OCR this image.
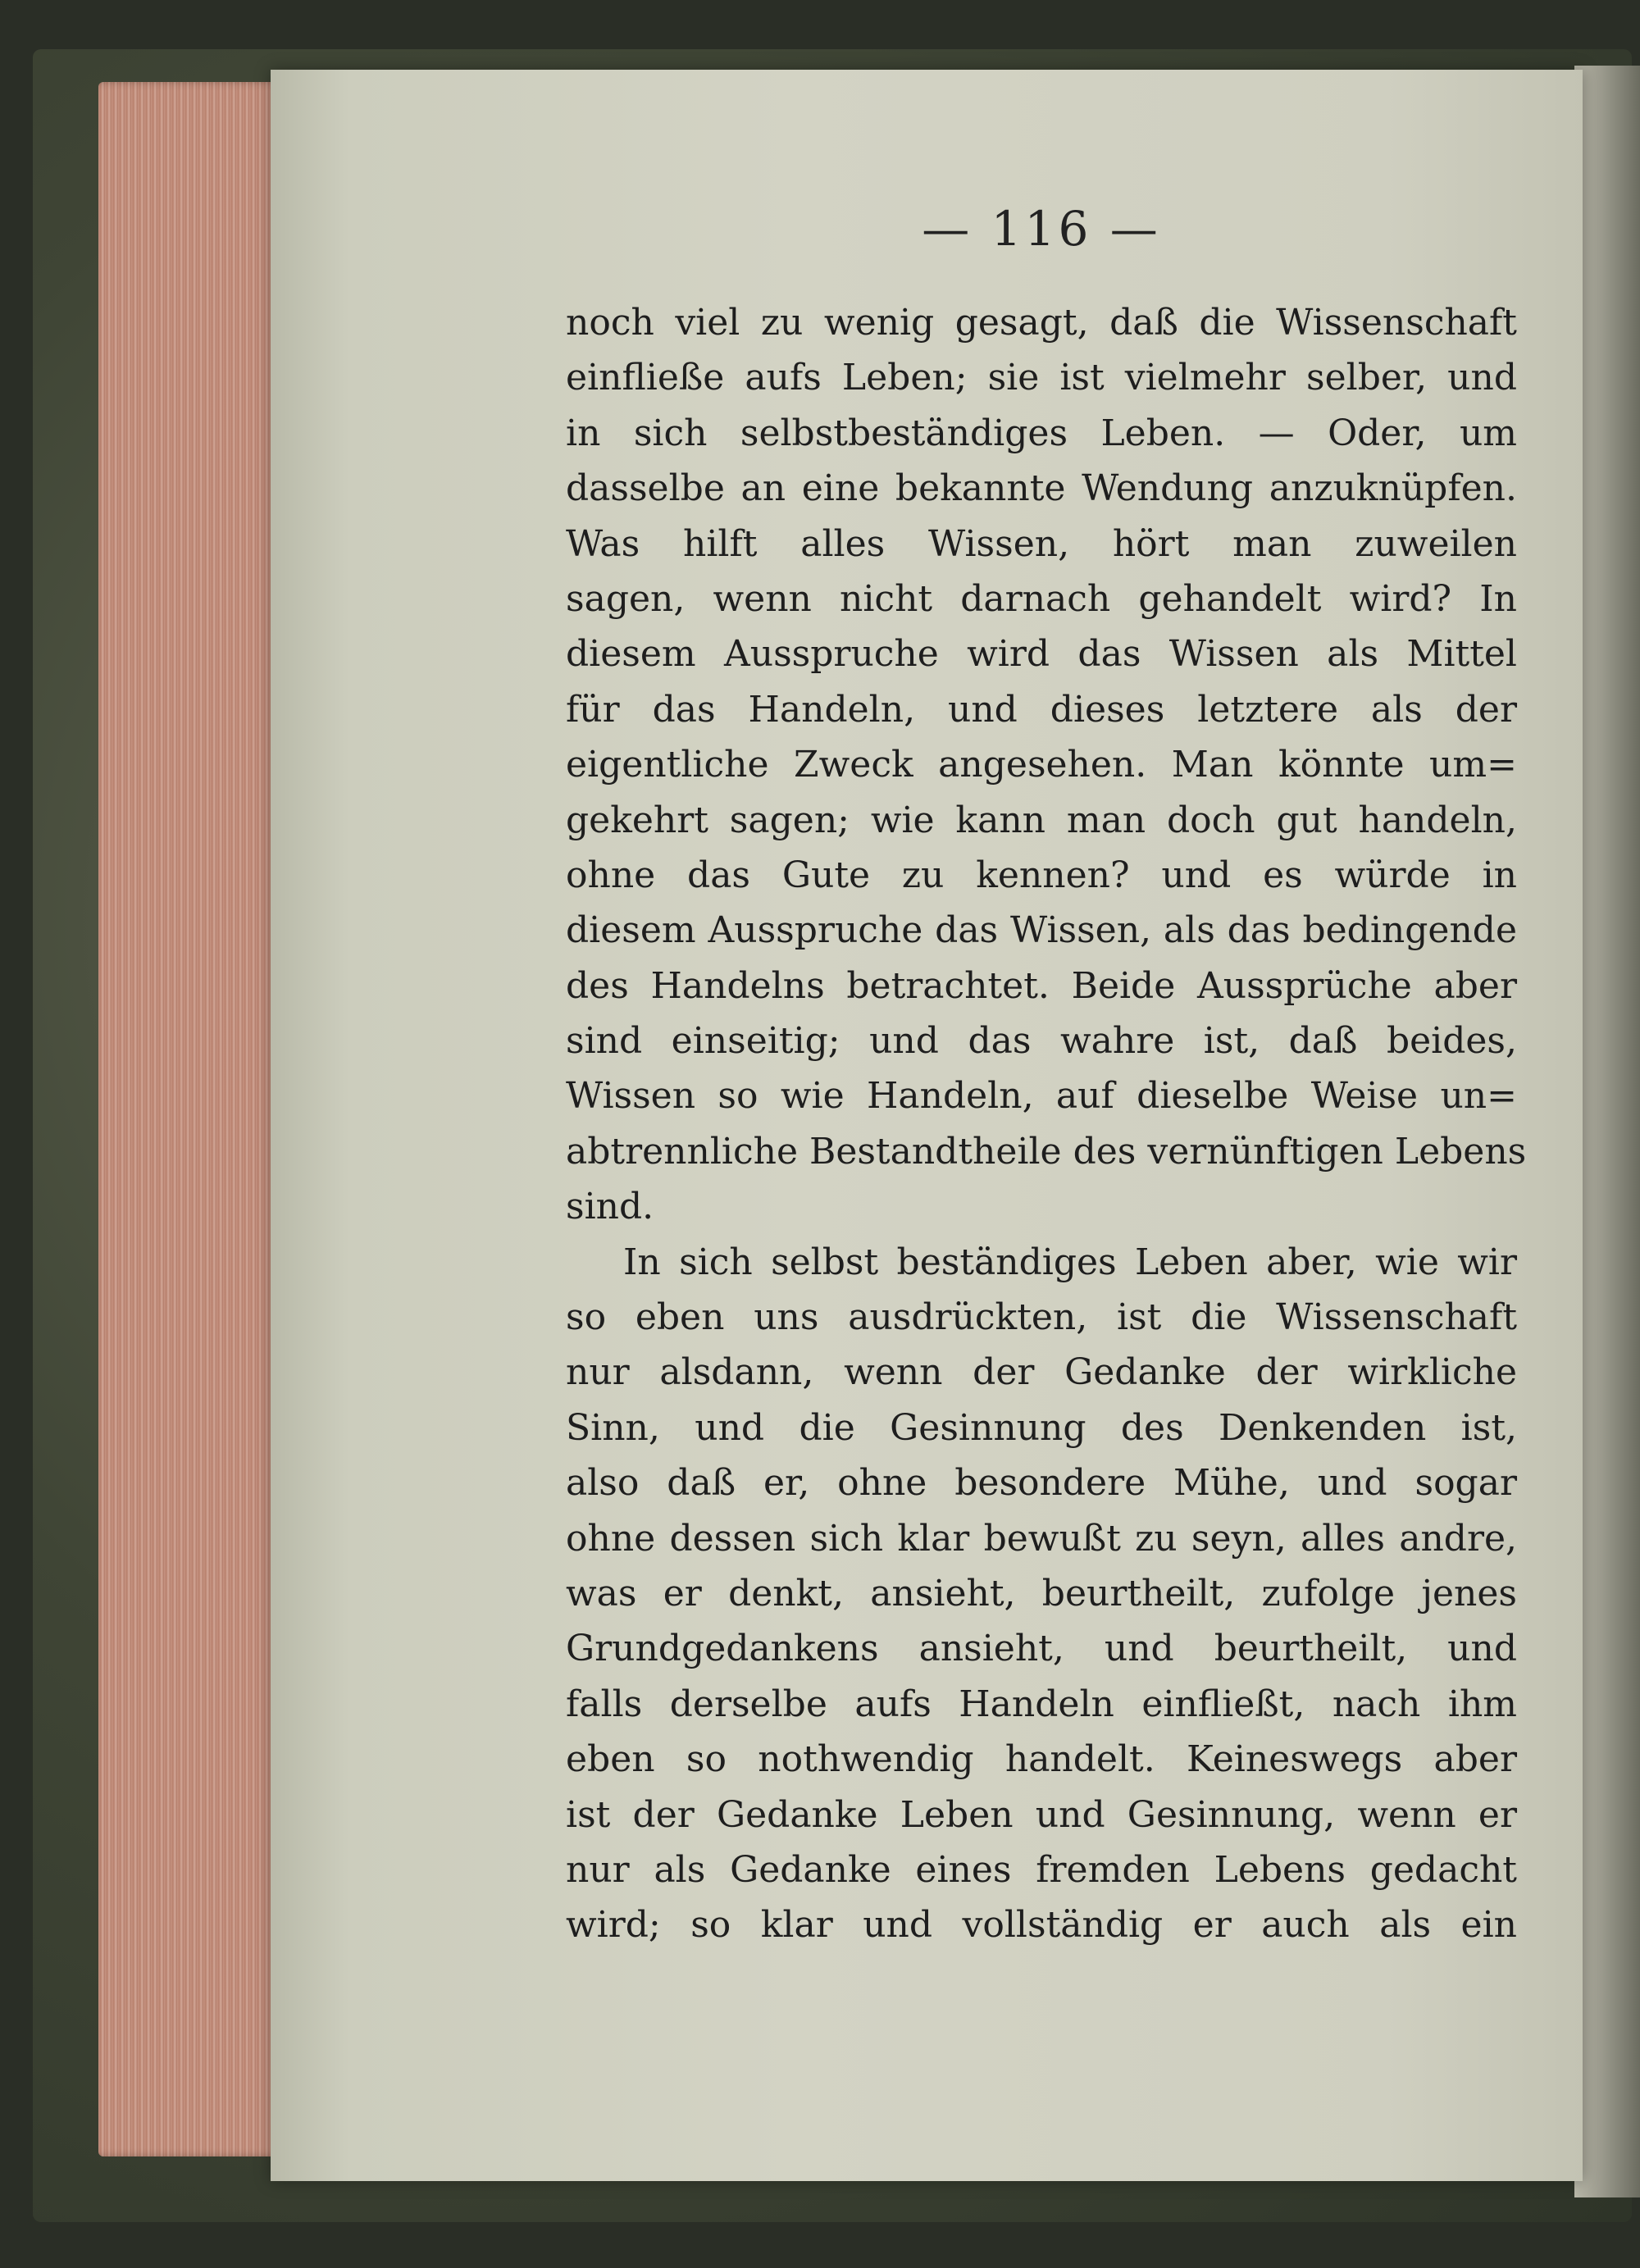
— 116 —
noch viel zu wenig gesagt, daß die Wissenschaft
einfließe aufs Leben; sie ist vielmehr selber, und
in sich selbstbeständiges Leben. — Oder, um
dasselbe an eine bekannte Wendung anzuknüpfen.
Was hilft alles Wissen, hört man zuweilen
sagen, wenn nicht darnach gehandelt wird? In
diesem Ausspruche wird das Wissen als Mittel
für das Handeln, und dieses letztere als der
eigentliche Zweck angesehen. Man könnte um=
gekehrt sagen; wie kann man doch gut handeln,
ohne das Gute zu kennen? und es würde in
diesem Ausspruche das Wissen, als das bedingende
des Handelns betrachtet. Beide Aussprüche aber
sind einseitig; und das wahre ist, daß beides,
Wissen so wie Handeln, auf dieselbe Weise un=
abtrennliche Bestandtheile des vernünftigen Lebens
sind.
In sich selbst beständiges Leben aber, wie wir
so eben uns ausdrückten, ist die Wissenschaft
nur alsdann, wenn der Gedanke der wirkliche
Sinn, und die Gesinnung des Denkenden ist,
also daß er, ohne besondere Mühe, und sogar
ohne dessen sich klar bewußt zu seyn, alles andre,
was er denkt, ansieht, beurtheilt, zufolge jenes
Grundgedankens ansieht, und beurtheilt, und
falls derselbe aufs Handeln einfließt, nach ihm
eben so nothwendig handelt. Keineswegs aber
ist der Gedanke Leben und Gesinnung, wenn er
nur als Gedanke eines fremden Lebens gedacht
wird; so klar und vollständig er auch als ein
